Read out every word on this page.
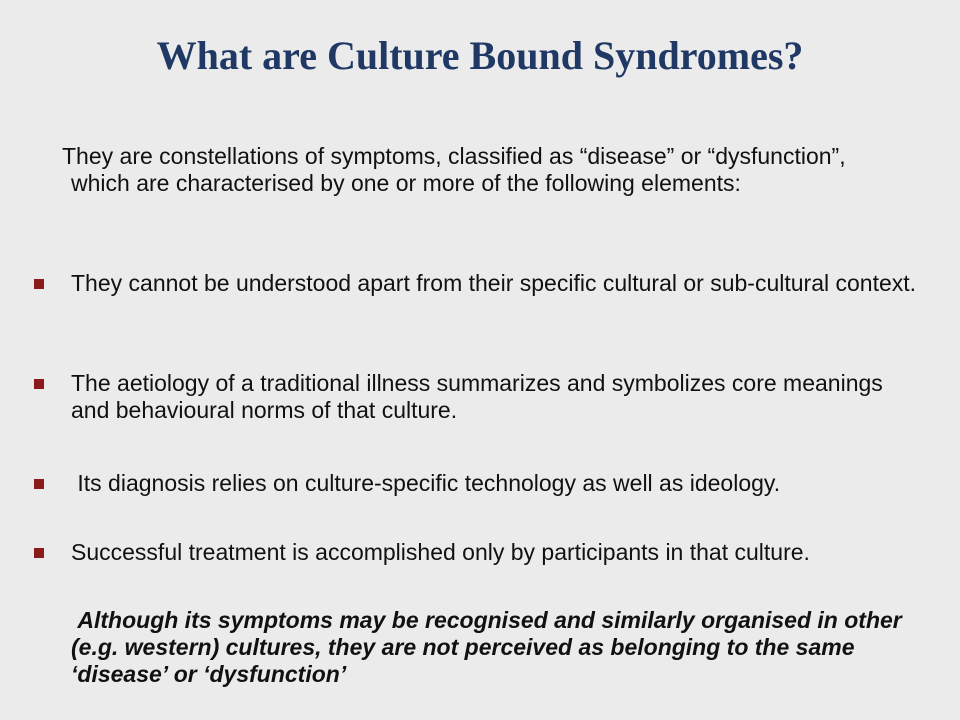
What are Culture Bound Syndromes?
They are constellations of symptoms, classified as “disease” or “dysfunction”, which are characterised by one or more of the following elements:
They cannot be understood apart from their specific cultural or sub-cultural context.
The aetiology of a traditional illness summarizes and symbolizes core meanings and behavioural norms of that culture.
Its diagnosis relies on culture-specific technology as well as ideology.
Successful treatment is accomplished only by participants in that culture.
Although its symptoms may be recognised and similarly organised in other (e.g. western) cultures, they are not perceived as belonging to the same ‘disease’ or ‘dysfunction’
